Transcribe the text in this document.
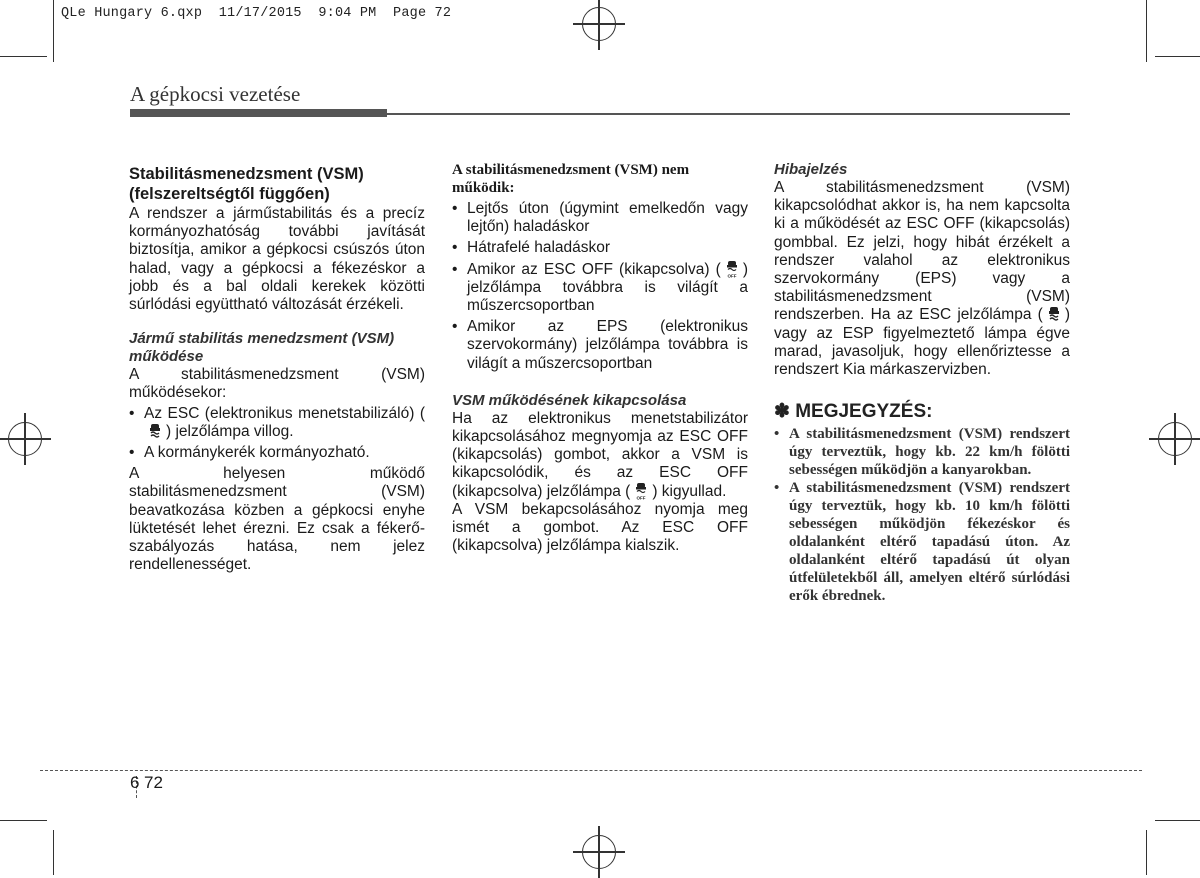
QLe Hungary 6.qxp  11/17/2015  9:04 PM  Page 72
A gépkocsi vezetése
Stabilitásmenedzsment (VSM) (felszereltségtől függően)

A rendszer a járműstabilitás és a precíz kormányozhatóság további javítását biztosítja, amikor a gépkocsi csúszós úton halad, vagy a gépkocsi a fékezéskor a jobb és a bal oldali kerekek közötti súrlódási együttható változását érzékeli.

Jármű stabilitás menedzsment (VSM) működése

A stabilitásmenedzsment (VSM) működésekor:

• Az ESC (elektronikus menetstabilizáló) (
) jelzőlámpa villog.
• A kormánykerék kormányozható.

A helyesen működő stabilitásmenedzsment (VSM) beavatkozása közben a gépkocsi enyhe lüktetését lehet érezni. Ez csak a fékerő-szabályozás hatása, nem jelez rendellenességet.

A stabilitásmenedzsment (VSM) nem működik:
• Lejtős úton (úgymint emelkedőn vagy lejtőn) haladáskor
• Hátrafelé haladáskor
• Amikor az ESC OFF (kikapcsolva) ( OFF ) jelzőlámpa továbbra is világít a műszercsoportban
• Amikor az EPS (elektronikus szervokormány) jelzőlámpa továbbra is világít a műszercsoportban
VSM működésének kikapcsolása

Ha az elektronikus menetstabilizátor kikapcsolásához megnyomja az ESC OFF (kikapcsolás) gombot, akkor a VSM is kikapcsolódik, és az ESC OFF (kikapcsolva) jelzőlámpa ( OFF ) kigyullad.

A VSM bekapcsolásához nyomja meg ismét a gombot. Az ESC OFF (kikapcsolva) jelzőlámpa kialszik.

Hibajelzés

A stabilitásmenedzsment (VSM) kikapcsolódhat akkor is, ha nem kapcsolta ki a működését az ESC OFF (kikapcsolás) gombbal. Ez jelzi, hogy hibát érzékelt a rendszer valahol az elektronikus szervokormány (EPS) vagy a stabilitásmenedzsment (VSM) rendszerben. Ha az ESC jelzőlámpa ( ) vagy az ESP figyelmeztető lámpa égve marad, javasoljuk, hogy ellenőriztesse a rendszert Kia márkaszervizben.

✽ MEGJEGYZÉS:
• A stabilitásmenedzsment (VSM) rendszert úgy terveztük, hogy kb. 22 km/h fölötti sebességen működjön a kanyarokban.
• A stabilitásmenedzsment (VSM) rendszert úgy terveztük, hogy kb. 10 km/h fölötti sebességen működjön fékezéskor és oldalanként eltérő tapadású úton. Az oldalanként eltérő tapadású út olyan útfelületekből áll, amelyen eltérő súrlódási erők ébrednek.
6 72
